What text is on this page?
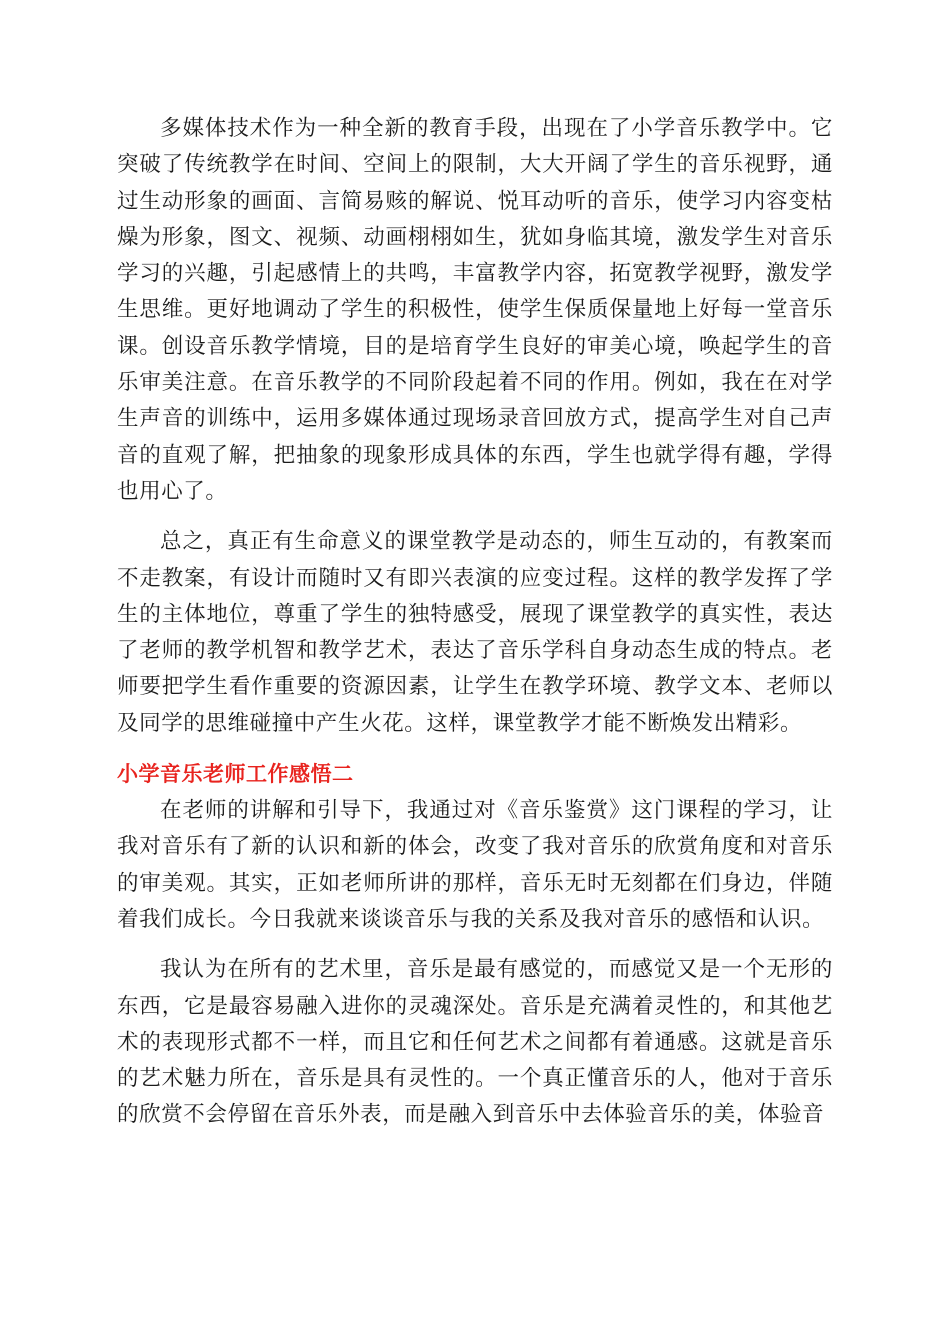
多媒体技术作为一种全新的教育手段，出现在了小学音乐教学中。它突破了传统教学在时间、空间上的限制，大大开阔了学生的音乐视野，通过生动形象的画面、言简易赅的解说、悦耳动听的音乐，使学习内容变枯燥为形象，图文、视频、动画栩栩如生，犹如身临其境，激发学生对音乐学习的兴趣，引起感情上的共鸣，丰富教学内容，拓宽教学视野，激发学生思维。更好地调动了学生的积极性，使学生保质保量地上好每一堂音乐课。创设音乐教学情境，目的是培育学生良好的审美心境，唤起学生的音乐审美注意。在音乐教学的不同阶段起着不同的作用。例如，我在在对学生声音的训练中，运用多媒体通过现场录音回放方式，提高学生对自己声音的直观了解，把抽象的现象形成具体的东西，学生也就学得有趣，学得也用心了。

总之，真正有生命意义的课堂教学是动态的，师生互动的，有教案而不走教案，有设计而随时又有即兴表演的应变过程。这样的教学发挥了学生的主体地位，尊重了学生的独特感受，展现了课堂教学的真实性，表达了老师的教学机智和教学艺术，表达了音乐学科自身动态生成的特点。老师要把学生看作重要的资源因素，让学生在教学环境、教学文本、老师以及同学的思维碰撞中产生火花。这样，课堂教学才能不断焕发出精彩。

小学音乐老师工作感悟二

在老师的讲解和引导下，我通过对《音乐鉴赏》这门课程的学习，让我对音乐有了新的认识和新的体会，改变了我对音乐的欣赏角度和对音乐的审美观。其实，正如老师所讲的那样，音乐无时无刻都在们身边，伴随着我们成长。今日我就来谈谈音乐与我的关系及我对音乐的感悟和认识。

我认为在所有的艺术里，音乐是最有感觉的，而感觉又是一个无形的东西，它是最容易融入进你的灵魂深处。音乐是充满着灵性的，和其他艺术的表现形式都不一样，而且它和任何艺术之间都有着通感。这就是音乐的艺术魅力所在，音乐是具有灵性的。一个真正懂音乐的人，他对于音乐的欣赏不会停留在音乐外表，而是融入到音乐中去体验音乐的美，体验音
